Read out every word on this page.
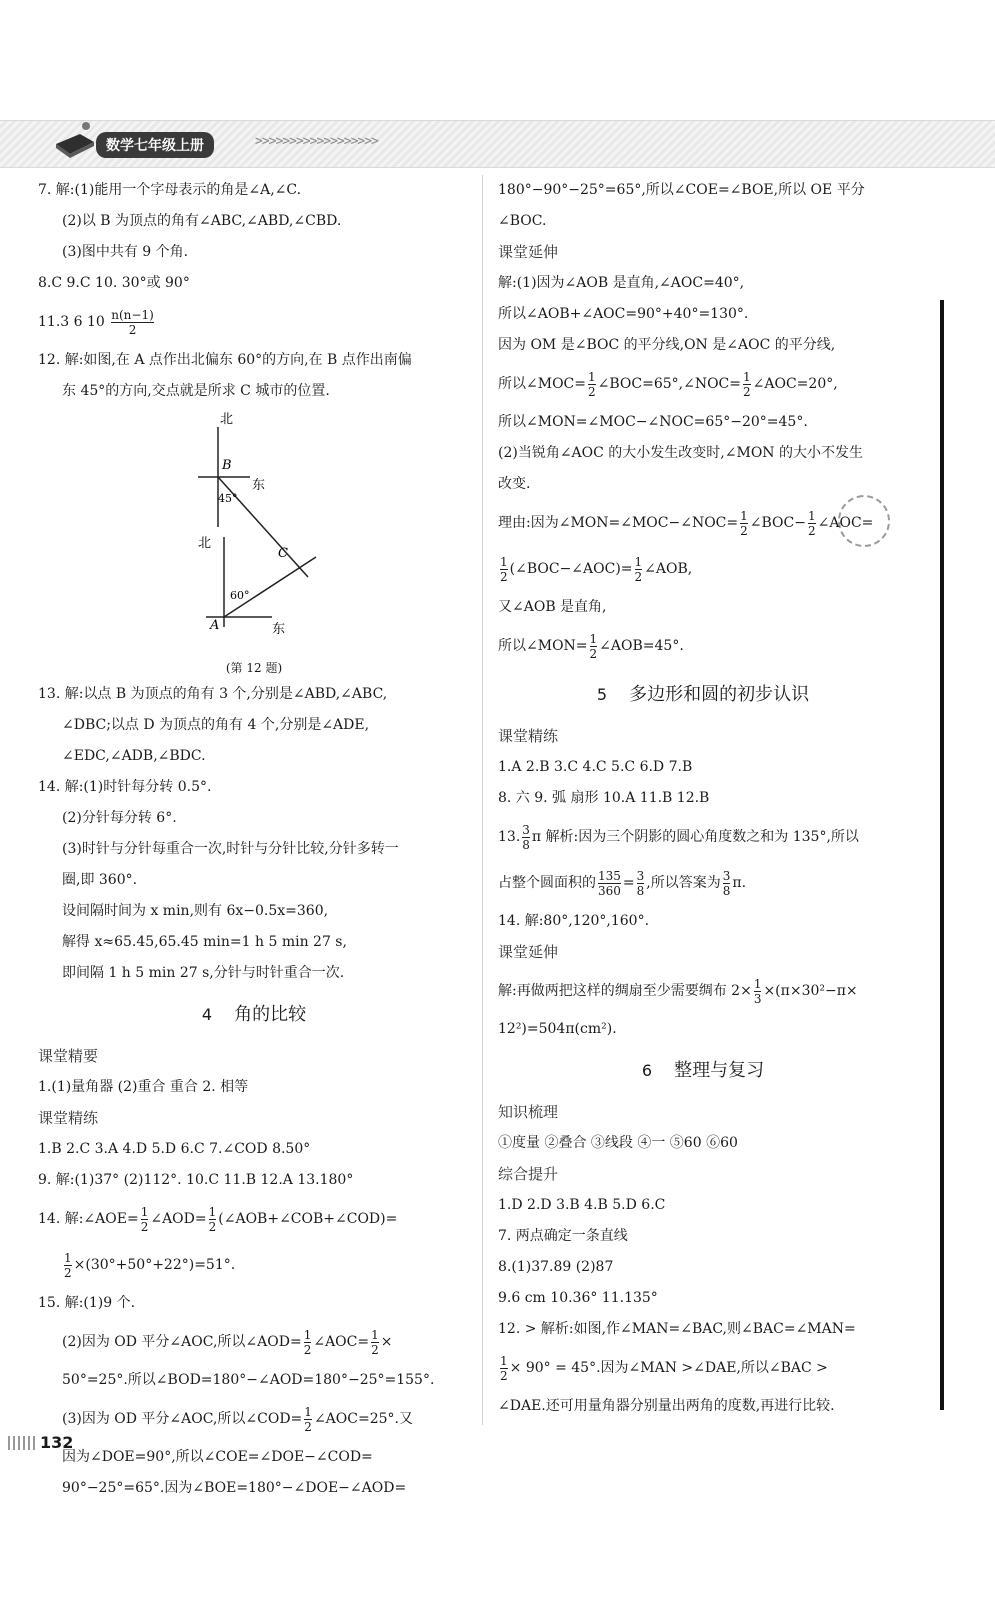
数学七年级上册	>>>>>>>>>>>>>>>>>>
7. 解:(1)能用一个字母表示的角是∠A,∠C.
(2)以 B 为顶点的角有∠ABC,∠ABD,∠CBD.
(3)图中共有 9 个角.
8.C 9.C 10. 30°或 90°
11.3 6 $10 \frac{n(n-1)}{2}$
12. 解:如图,在 A 点作出北偏东 60°的方向,在 B 点作出南偏
东 45°的方向,交点就是所求 C 城市的位置.
北
B
东
45°
北
C
60°
A	东
(第 12 题)
13. 解:以点 B 为顶点的角有 3 个,分别是∠ABD,∠ABC,
∠DBC;以点 D 为顶点的角有 4 个,分别是∠ADE,
∠EDC,∠ADB,∠BDC.
14. 解:(1)时针每分转 0.5°.
(2)分针每分转 6°.
(3)时针与分针每重合一次,时针与分针比较,分针多转一
圈,即 360°.
设间隔时间为 x min,则有 6x−0.5x=360,
解得 x≈65.45,65.45 min=1 h 5 min 27 s,
即间隔 1 h 5 min 27 s,分针与时针重合一次.
4 角的比较
课堂精要
1.(1)量角器 (2)重合 重合 2. 相等
课堂精练
1.B 2.C 3.A 4.D 5.D 6.C 7.∠COD 8.50°
9. 解:(1)37° (2)112°. 10.C 11.B 12.A 13.180°
14. 解:∠AOE= $\frac{1}{2}$ ∠AOD= $\frac{1}{2}$ (∠AOB+∠COB+∠COD)=
$\frac{1}{2} \times(30^\circ+50^\circ+22^\circ)=51^\circ$.
15. 解:(1)9 个.
(2)因为 OD 平分∠AOC,所以∠AOD= $\frac{1}{2}$ ∠AOC= $\frac{1}{2}$ ×
50°=25°.所以∠BOD=180°−∠AOD=180°−25°=155°.
(3)因为 OD 平分∠AOC,所以∠COD= $\frac{1}{2}$ ∠AOC=25°.又
因为∠DOE=90°,所以∠COE=∠DOE−∠COD=
90°−25°=65°.因为∠BOE=180°−∠DOE−∠AOD=
180°−90°−25°=65°,所以∠COE=∠BOE,所以 OE 平分
∠BOC.
课堂延伸
解:(1)因为∠AOB 是直角,∠AOC=40°,
所以∠AOB+∠AOC=90°+40°=130°.
因为 OM 是∠BOC 的平分线,ON 是∠AOC 的平分线,
所以∠MOC= $\frac{1}{2}$ ∠BOC=65°,∠NOC= $\frac{1}{2}$ ∠AOC=20°,
所以∠MON=∠MOC−∠NOC=65°−20°=45°.
(2)当锐角∠AOC 的大小发生改变时,∠MON 的大小不发生
改变.
理由:因为∠MON=∠MOC−∠NOC= $\frac{1}{2}$ ∠BOC− $\frac{1}{2}$ ∠AOC=
$\frac{1}{2}$ (∠BOC−∠AOC)= $\frac{1}{2}$ ∠AOB,
又∠AOB 是直角,
所以∠MON= $\frac{1}{2}$ ∠AOB=45°.
5 多边形和圆的初步认识
课堂精练
1.A 2.B 3.C 4.C 5.C 6.D 7.B
8. 六 9. 弧 扇形 10.A 11.B 12.B
13. $\frac{3}{8}$ π 解析:因为三个阴影的圆心角度数之和为 135°,所以
占整个圆面积的 $\frac{135}{360} = \frac{3}{8}$ ,所以答案为 $\frac{3}{8} \pi$.
14. 解:80°,120°,160°.
课堂延伸
解:再做两把这样的绸扇至少需要绸布 $2\times \frac{1}{3} \times(\pi\times 30^2-\pi\times$
12²)=504π(cm²).
6 整理与复习
知识梳理
①度量 ②叠合 ③线段 ④一 ⑤60 ⑥60
综合提升
1.D 2.D 3.B 4.B 5.D 6.C
7. 两点确定一条直线
8.(1)37.89 (2)87
9.6 cm 10.36° 11.135°
12. > 解析:如图,作∠MAN=∠BAC,则∠BAC=∠MAN=
$\frac{1}{2} \times 90^\circ = 45^\circ$.因为∠MAN >∠DAE,所以∠BAC >
∠DAE.还可用量角器分别量出两角的度数,再进行比较.
132
